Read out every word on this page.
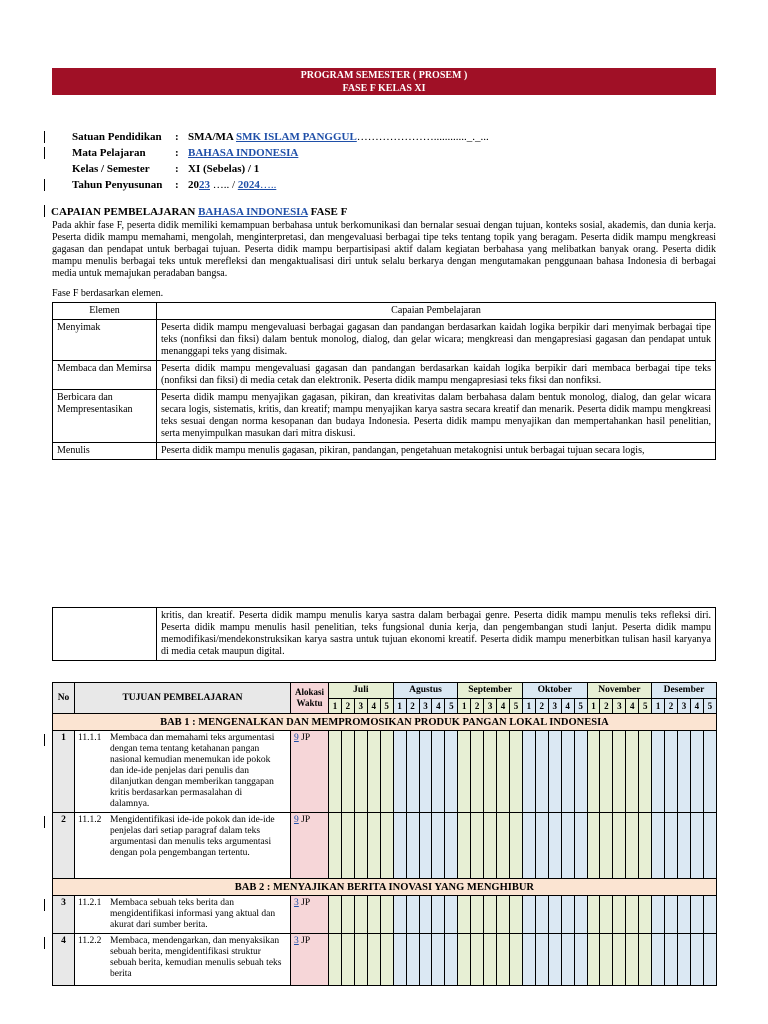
PROGRAM SEMESTER ( PROSEM )
FASE F KELAS XI
Satuan Pendidikan : SMA/MA SMK ISLAM PANGGUL…………………............_._...
Mata Pelajaran	: BAHASA INDONESIA
Kelas / Semester : XI (Sebelas) / 1
Tahun Penyusunan : 2023 ….. / 2024…..
CAPAIAN PEMBELAJARAN BAHASA INDONESIA FASE F
Pada akhir fase F, peserta didik memiliki kemampuan berbahasa untuk berkomunikasi dan bernalar sesuai dengan tujuan, konteks sosial, akademis, dan dunia kerja. Peserta didik mampu memahami, mengolah, menginterpretasi, dan mengevaluasi berbagai tipe teks tentang topik yang beragam. Peserta didik mampu mengkreasi gagasan dan pendapat untuk berbagai tujuan. Peserta didik mampu berpartisipasi aktif dalam kegiatan berbahasa yang melibatkan banyak orang. Peserta didik mampu menulis berbagai teks untuk merefleksi dan mengaktualisasi diri untuk selalu berkarya dengan mengutamakan penggunaan bahasa Indonesia di berbagai media untuk memajukan peradaban bangsa.
Fase F berdasarkan elemen.
Elemen	Capaian Pembelajaran
Menyimak	Peserta didik mampu mengevaluasi berbagai gagasan dan pandangan berdasarkan kaidah logika berpikir dari menyimak berbagai tipe teks (nonfiksi dan fiksi) dalam bentuk monolog, dialog, dan gelar wicara; mengkreasi dan mengapresiasi gagasan dan pendapat untuk menanggapi teks yang disimak.
Membaca dan Memirsa	Peserta didik mampu mengevaluasi gagasan dan pandangan berdasarkan kaidah logika berpikir dari membaca berbagai tipe teks (nonfiksi dan fiksi) di media cetak dan elektronik. Peserta didik mampu mengapresiasi teks fiksi dan nonfiksi.
Berbicara dan Mempresentasikan	Peserta didik mampu menyajikan gagasan, pikiran, dan kreativitas dalam berbahasa dalam bentuk monolog, dialog, dan gelar wicara secara logis, sistematis, kritis, dan kreatif; mampu menyajikan karya sastra secara kreatif dan menarik. Peserta didik mampu mengkreasi teks sesuai dengan norma kesopanan dan budaya Indonesia. Peserta didik mampu menyajikan dan mempertahankan hasil penelitian, serta menyimpulkan masukan dari mitra diskusi.
Menulis	Peserta didik mampu menulis gagasan, pikiran, pandangan, pengetahuan metakognisi untuk berbagai tujuan secara logis,
	kritis, dan kreatif. Peserta didik mampu menulis karya sastra dalam berbagai genre. Peserta didik mampu menulis teks refleksi diri. Peserta didik mampu menulis hasil penelitian, teks fungsional dunia kerja, dan pengembangan studi lanjut. Peserta didik mampu memodifikasi/mendekonstruksikan karya sastra untuk tujuan ekonomi kreatif. Peserta didik mampu menerbitkan tulisan hasil karyanya di media cetak maupun digital.
No	TUJUAN PEMBELAJARAN	Alokasi Waktu	Juli					Agustus					September					Oktober					November					Desember				
			1	2	3	4	5	1	2	3	4	5	1	2	3	4	5	1	2	3	4	5	1	2	3	4	5	1	2	3	4	5
BAB 1 : MENGENALKAN DAN MEMPROMOSIKAN PRODUK PANGAN LOKAL INDONESIA																																
1	11.1.1 Membaca dan memahami teks argumentasi dengan tema tentang ketahanan pangan nasional kemudian menemukan ide pokok dan ide-ide penjelas dari penulis dan dilanjutkan dengan memberikan tanggapan kritis berdasarkan permasalahan di dalamnya.	9 JP																														
2	11.1.2 Mengidentifikasi ide-ide pokok dan ide-ide penjelas dari setiap paragraf dalam teks argumentasi dan menulis teks argumentasi dengan pola pengembangan tertentu.	9 JP																														
BAB 2 : MENYAJIKAN BERITA INOVASI YANG MENGHIBUR																																
3	11.2.1 Membaca sebuah teks berita dan mengidentifikasi informasi yang aktual dan akurat dari sumber berita.	3 JP																														
4	11.2.2 Membaca, mendengarkan, dan menyaksikan sebuah berita, mengidentifikasi struktur sebuah berita, kemudian menulis sebuah teks berita	3 JP																														
